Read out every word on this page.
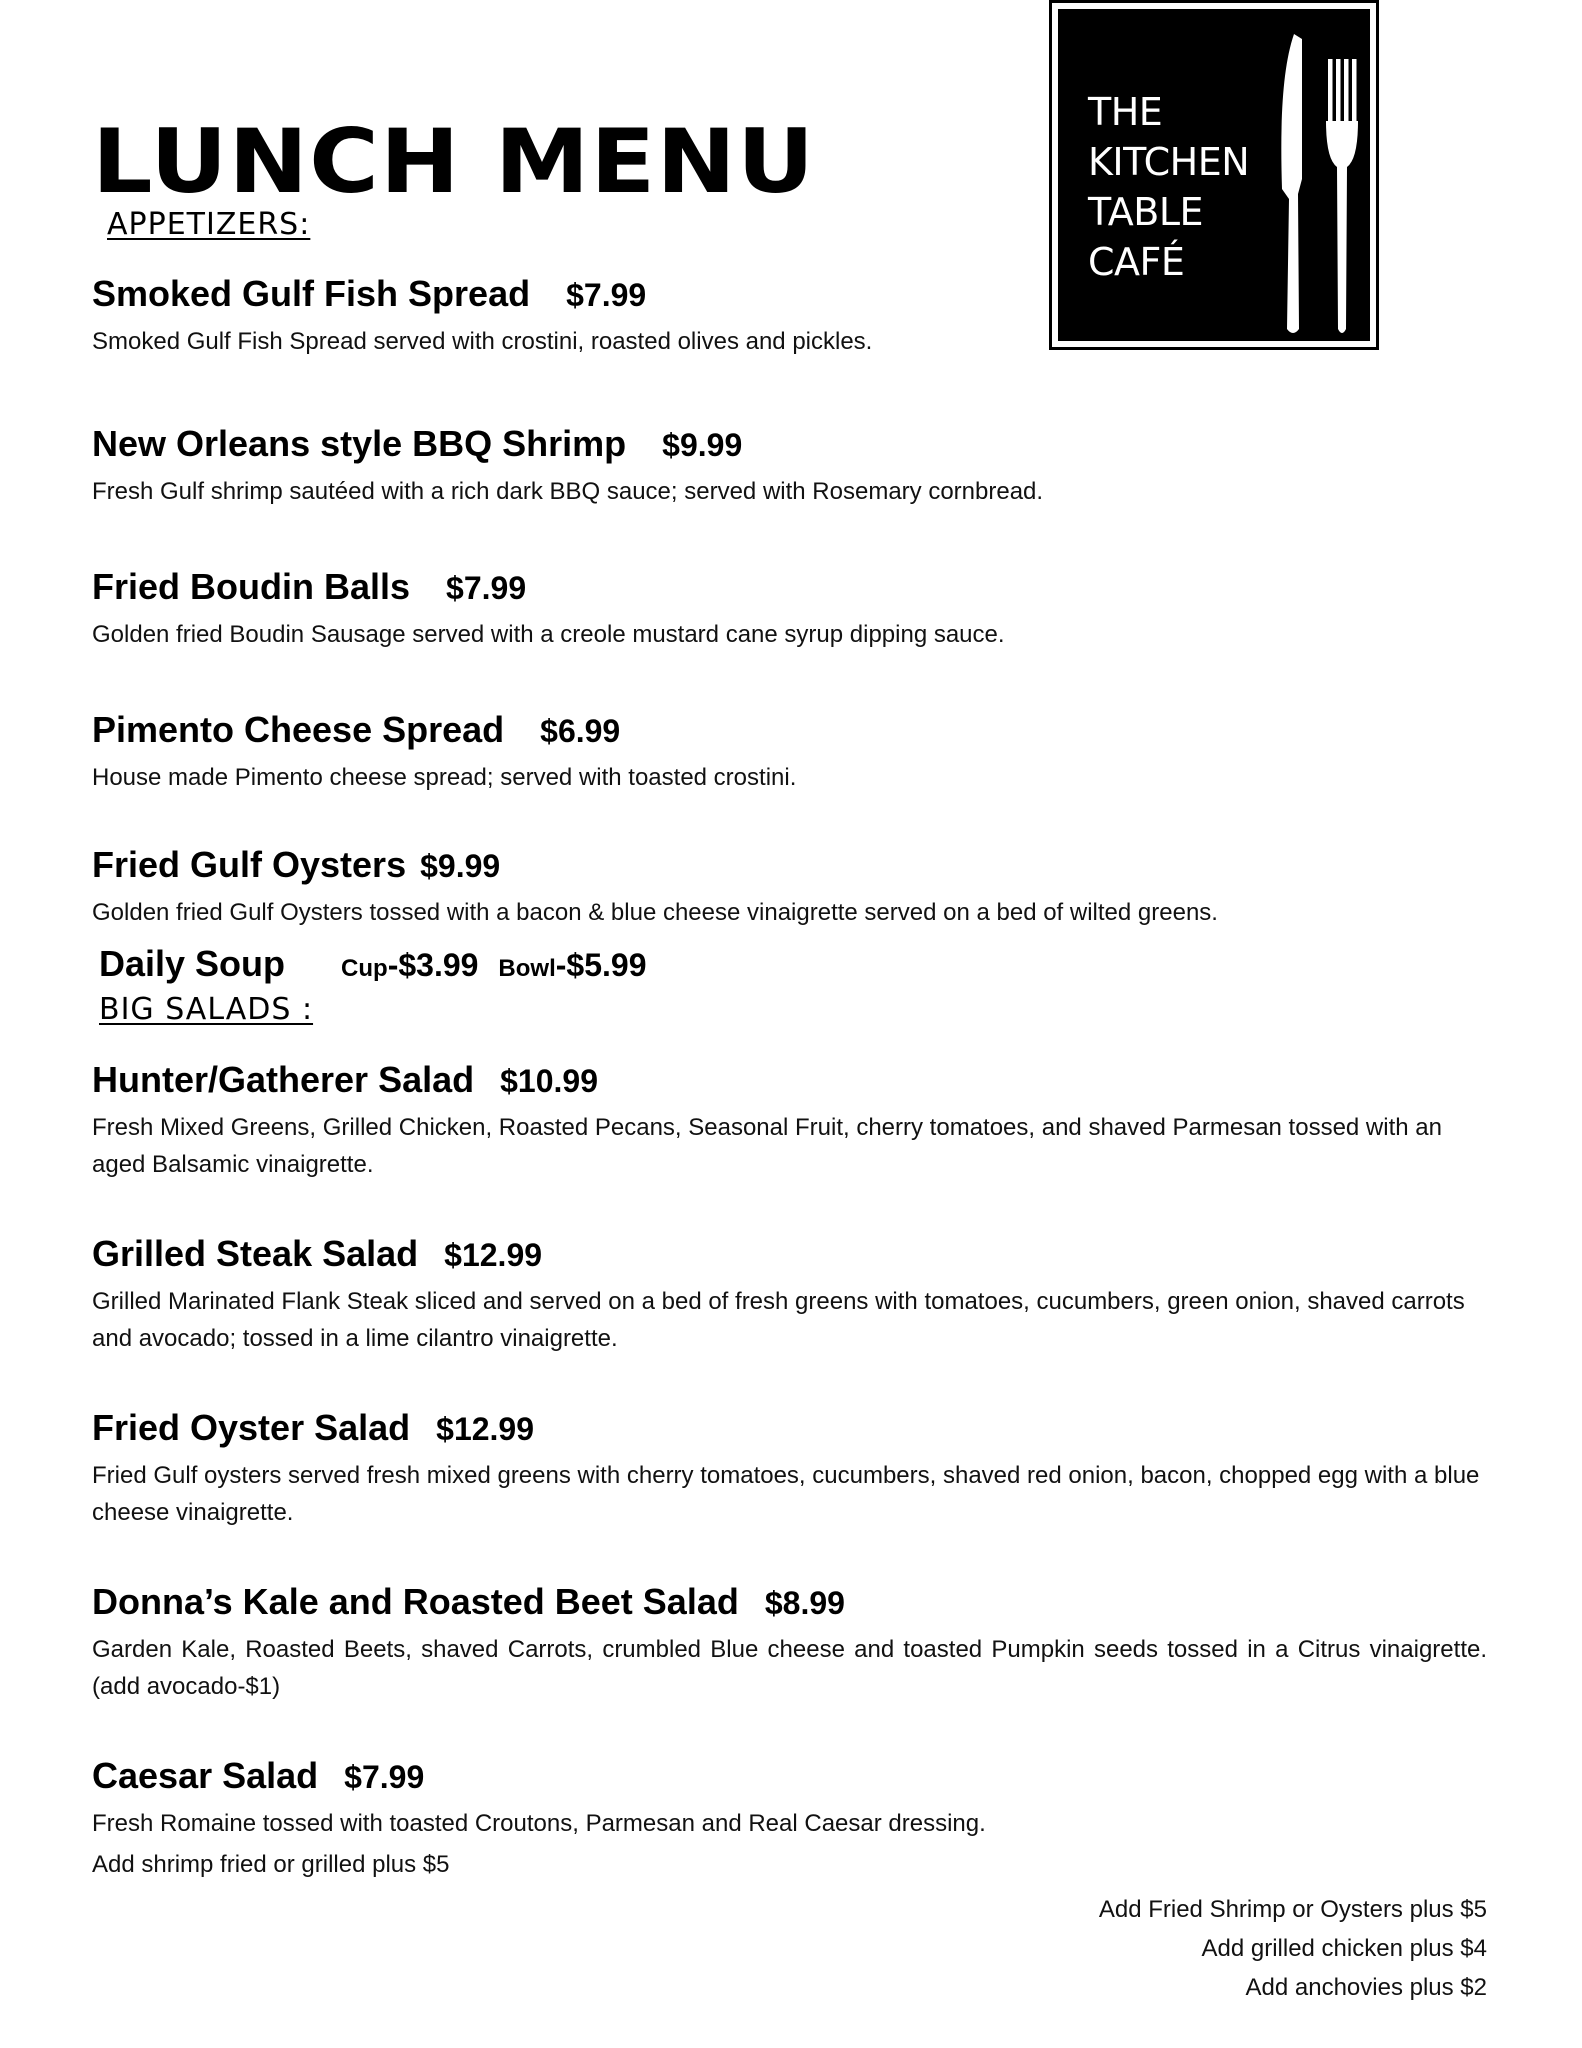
LUNCH MENU	THE
KITCHEN
TABLE
CAFÉ
APPETIZERS:
Smoked Gulf Fish Spread $7.99
Smoked Gulf Fish Spread served with crostini, roasted olives and pickles.
New Orleans style BBQ Shrimp $9.99
Fresh Gulf shrimp sautéed with a rich dark BBQ sauce; served with Rosemary cornbread.
Fried Boudin Balls $7.99
Golden fried Boudin Sausage served with a creole mustard cane syrup dipping sauce.
Pimento Cheese Spread $6.99
House made Pimento cheese spread; served with toasted crostini.
Fried Gulf Oysters $9.99
Golden fried Gulf Oysters tossed with a bacon & blue cheese vinaigrette served on a bed of wilted greens.
Daily Soup Cup-$3.99 Bowl-$5.99
BIG SALADS :
Hunter/Gatherer Salad $10.99
Fresh Mixed Greens, Grilled Chicken, Roasted Pecans, Seasonal Fruit, cherry tomatoes, and shaved Parmesan tossed with an aged Balsamic vinaigrette.
Grilled Steak Salad $12.99
Grilled Marinated Flank Steak sliced and served on a bed of fresh greens with tomatoes, cucumbers, green onion, shaved carrots and avocado; tossed in a lime cilantro vinaigrette.
Fried Oyster Salad $12.99
Fried Gulf oysters served fresh mixed greens with cherry tomatoes, cucumbers, shaved red onion, bacon, chopped egg with a blue cheese vinaigrette.
Donna’s Kale and Roasted Beet Salad $8.99
Garden Kale, Roasted Beets, shaved Carrots, crumbled Blue cheese and toasted Pumpkin seeds tossed in a Citrus vinaigrette. (add avocado-$1)
Caesar Salad $7.99
Fresh Romaine tossed with toasted Croutons, Parmesan and Real Caesar dressing.
Add shrimp fried or grilled plus $5
Add Fried Shrimp or Oysters plus $5
Add grilled chicken plus $4
Add anchovies plus $2
